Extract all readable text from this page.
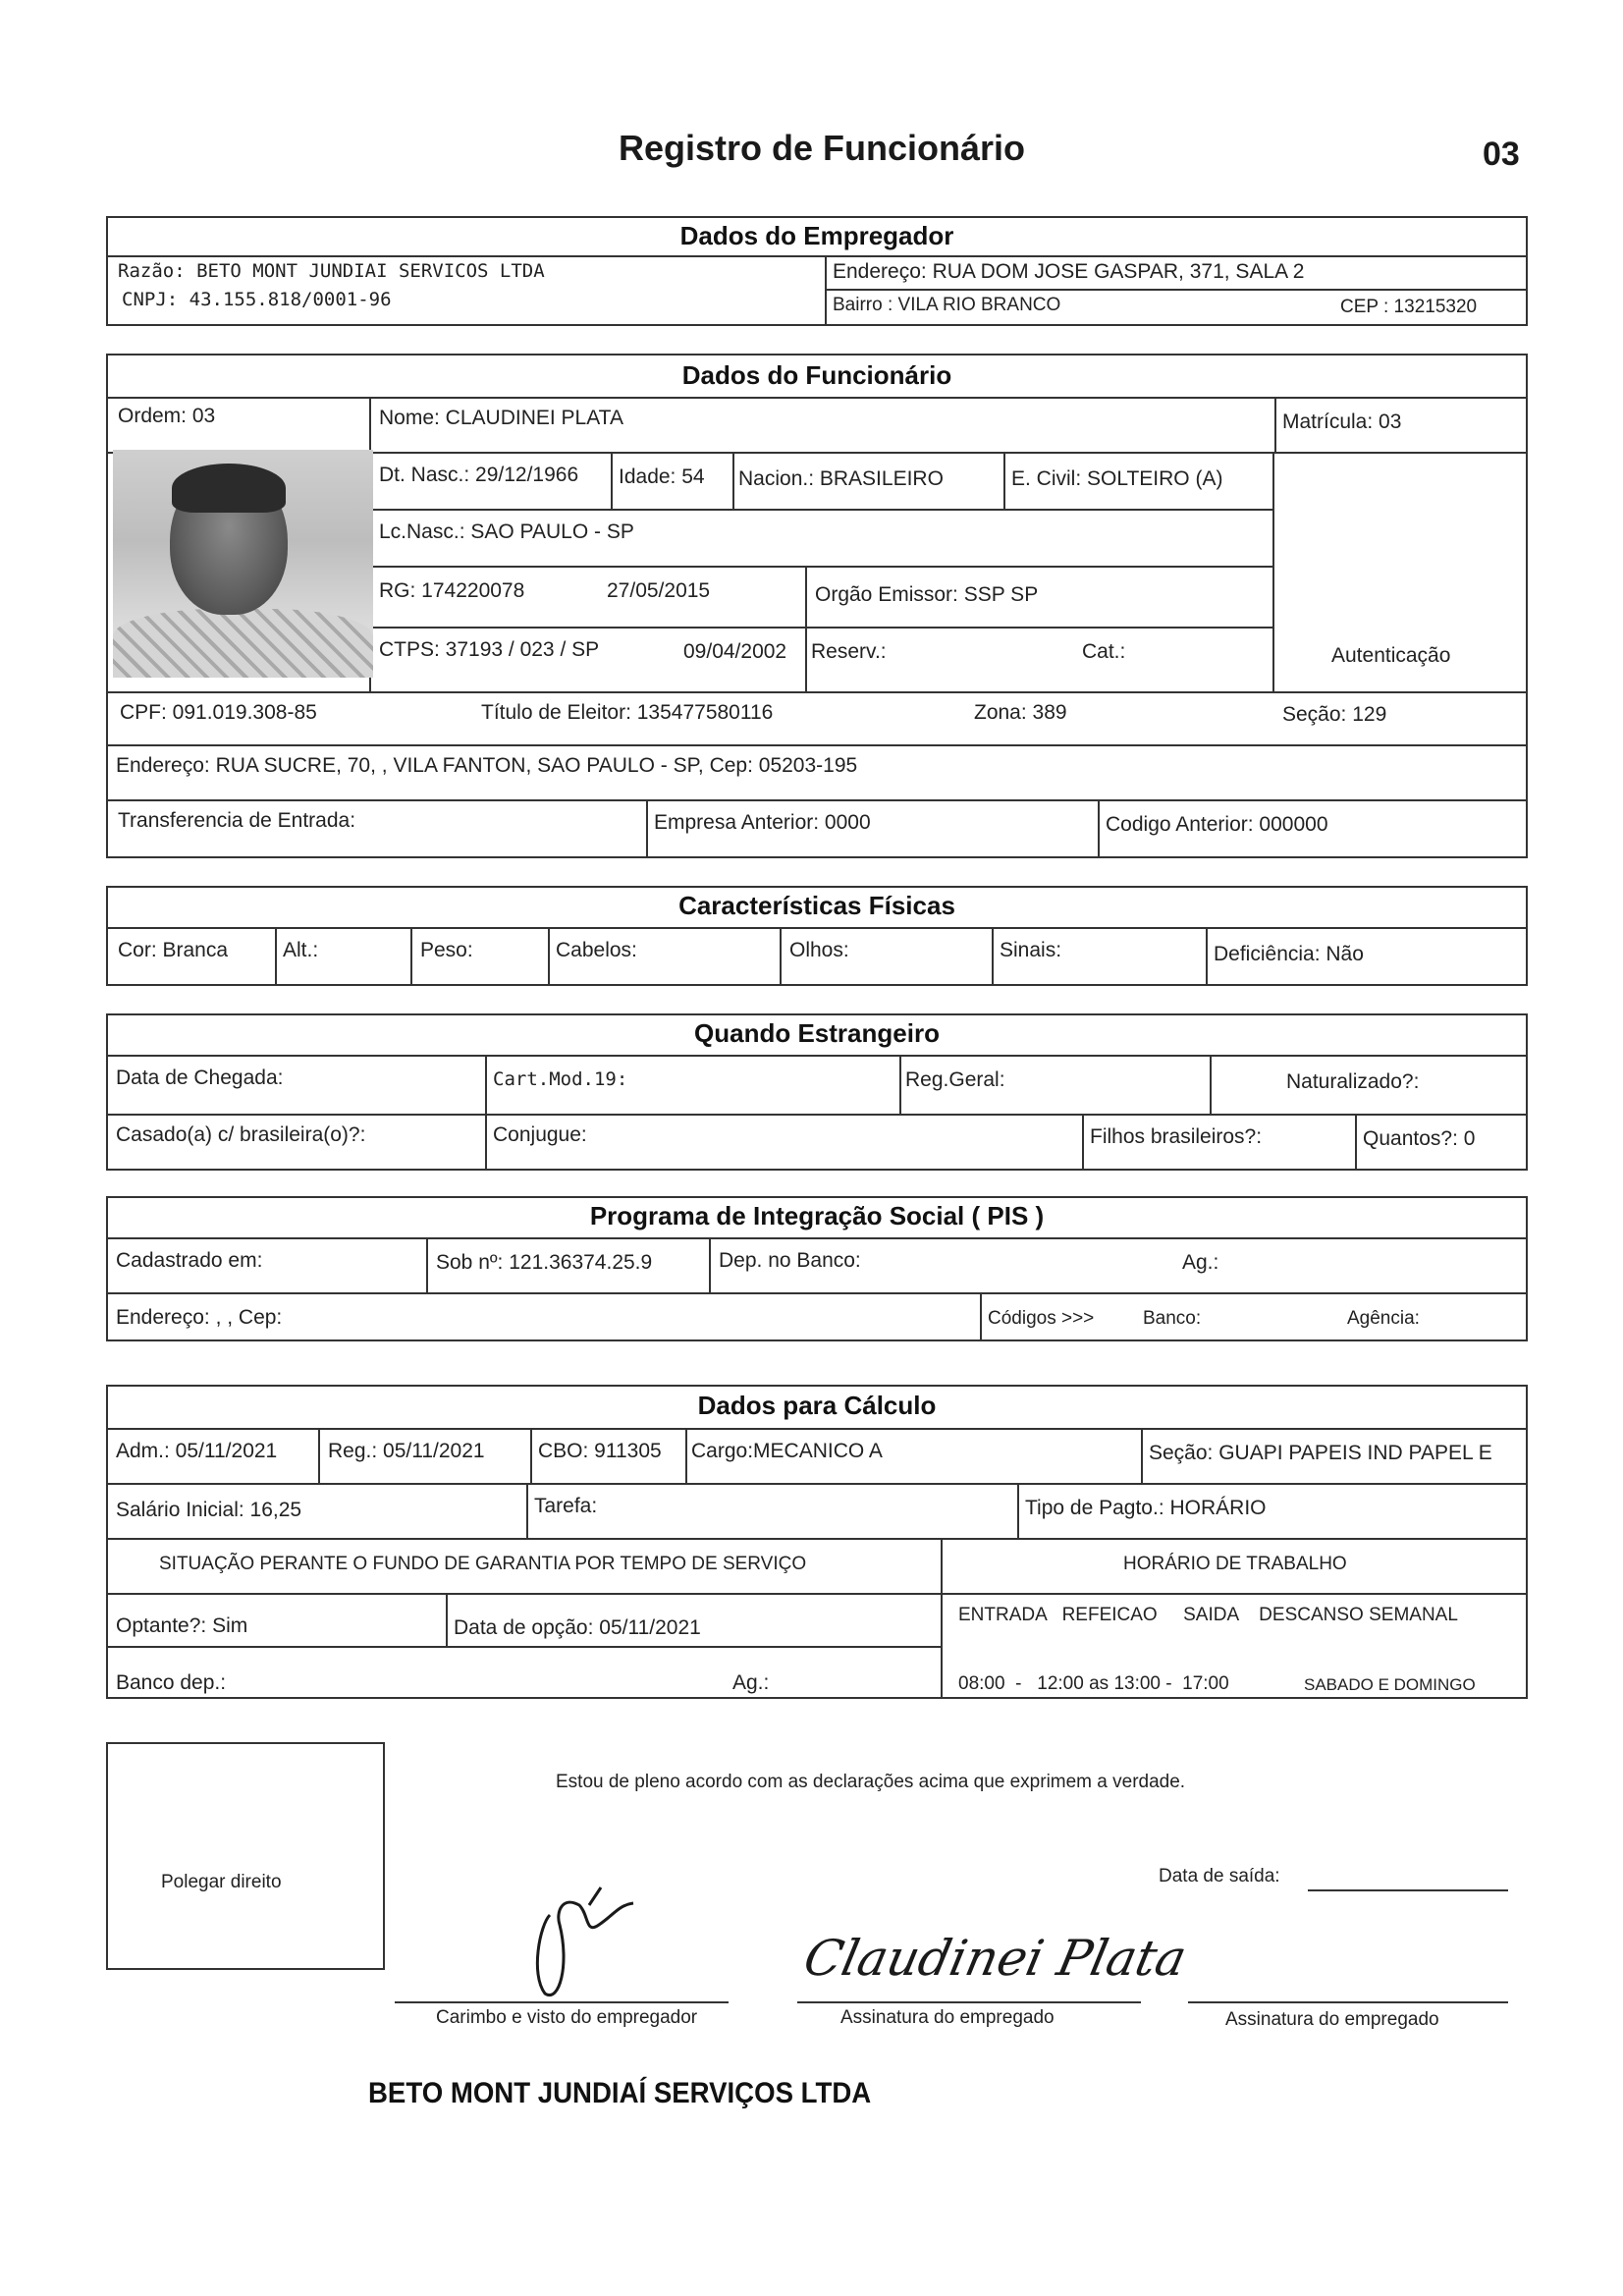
Registro de Funcionário	03
Dados do Empregador
Razão: BETO MONT JUNDIAI SERVICOS LTDA
CNPJ: 43.155.818/0001-96
Endereço: RUA DOM JOSE GASPAR, 371, SALA 2
Bairro : VILA RIO BRANCO	CEP : 13215320
Dados do Funcionário
Ordem: 03	Nome: CLAUDINEI PLATA	Matrícula: 03
Dt. Nasc.: 29/12/1966 Idade: 54 Nacion.: BRASILEIRO	E. Civil: SOLTEIRO (A)
Lc.Nasc.: SAO PAULO - SP
RG: 174220078	27/05/2015	Orgão Emissor: SSP SP
CTPS: 37193 / 023 / SP	09/04/2002 Reserv.:	Cat.:	Autenticação
CPF: 091.019.308-85	Título de Eleitor: 135477580116	Zona: 389	Seção: 129
Endereço: RUA SUCRE, 70, , VILA FANTON, SAO PAULO - SP, Cep: 05203-195
Transferencia de Entrada:	Empresa Anterior: 0000	Codigo Anterior: 000000
Características Físicas
Cor: Branca	Alt.:	Peso:	Cabelos:	Olhos:	Sinais:	Deficiência: Não
Quando Estrangeiro
Data de Chegada:	Cart.Mod.19:	Reg.Geral:	Naturalizado?:
Casado(a) c/ brasileira(o)?:	Conjugue:	Filhos brasileiros?:	Quantos?: 0
Programa de Integração Social ( PIS )
Cadastrado em:	Sob nº: 121.36374.25.9	Dep. no Banco:	Ag.:
Endereço: , , Cep:	Códigos >>>	Banco:	Agência:
Dados para Cálculo
Adm.: 05/11/2021 Reg.: 05/11/2021	CBO: 911305 Cargo:MECANICO A	Seção: GUAPI PAPEIS IND PAPEL E
Salário Inicial: 16,25	Tarefa:	Tipo de Pagto.: HORÁRIO
SITUAÇÃO PERANTE O FUNDO DE GARANTIA POR TEMPO DE SERVIÇO	HORÁRIO DE TRABALHO
Optante?: Sim	Data de opção: 05/11/2021
ENTRADA   REFEICAO     SAIDA    DESCANSO SEMANAL
Banco dep.:	Ag.:	08:00  -   12:00 as 13:00 -  17:00	SABADO E DOMINGO
Polegar direito
Estou de pleno acordo com as declarações acima que exprimem a verdade.
Data de saída:
Carimbo e visto do empregador
Claudinei Plata
Assinatura do empregado	Assinatura do empregado
BETO MONT JUNDIAÍ SERVIÇOS LTDA
